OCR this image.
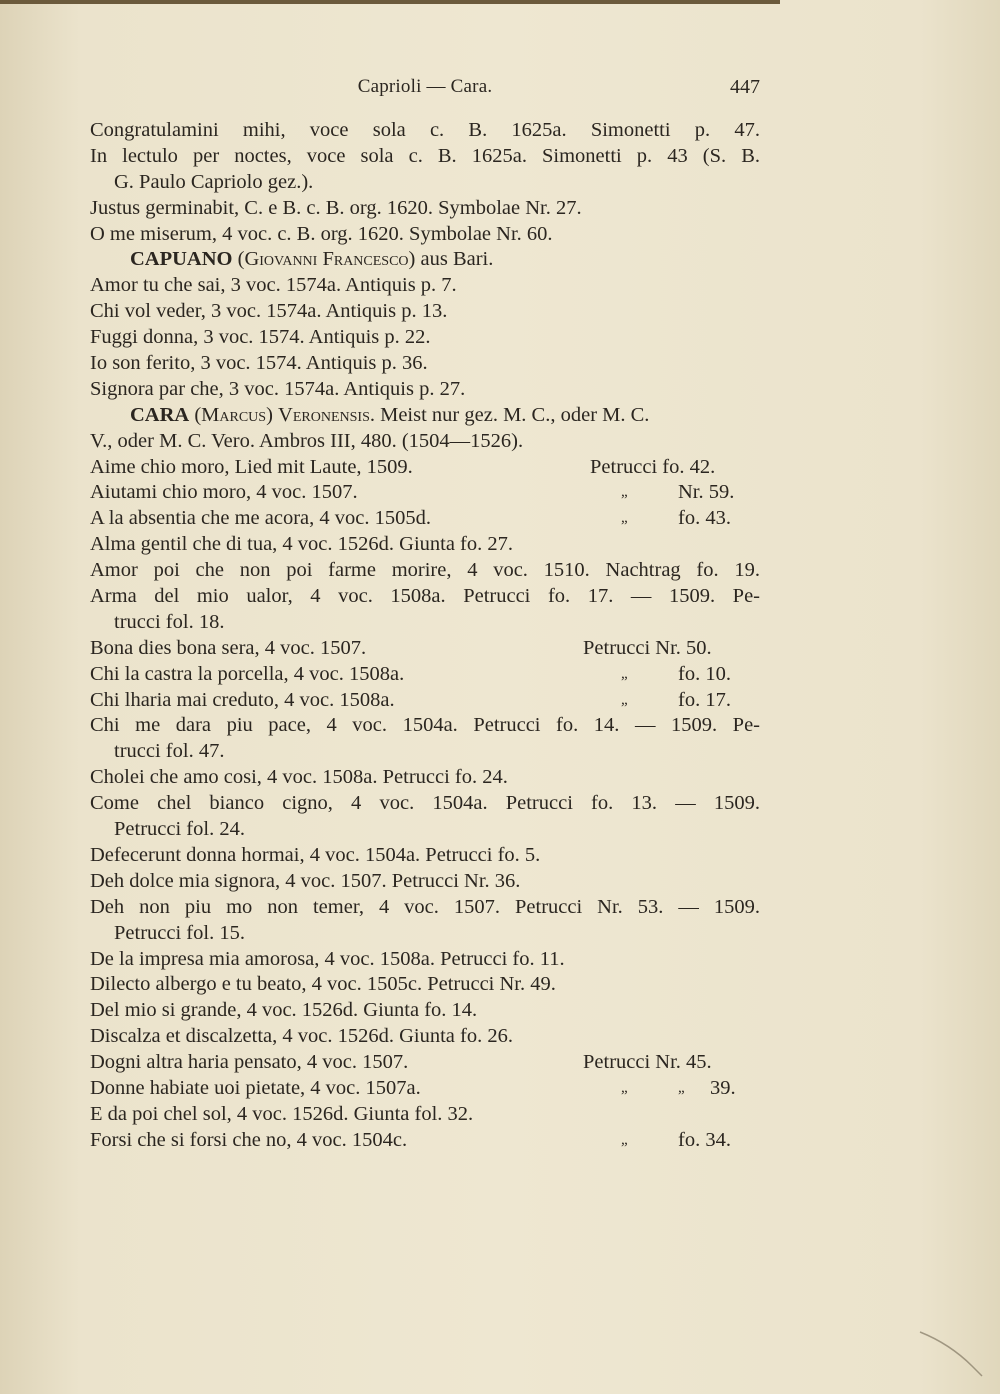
Caprioli — Cara.	447
Congratulamini mihi, voce sola c. B. 1625a. Simonetti p. 47.
In lectulo per noctes, voce sola c. B. 1625a. Simonetti p. 43 (S. B.
G. Paulo Capriolo gez.).
Justus germinabit, C. e B. c. B. org. 1620. Symbolae Nr. 27.
O me miserum, 4 voc. c. B. org. 1620. Symbolae Nr. 60.
CAPUANO (Giovanni Francesco) aus Bari.
Amor tu che sai, 3 voc. 1574a. Antiquis p. 7.
Chi vol veder, 3 voc. 1574a. Antiquis p. 13.
Fuggi donna, 3 voc. 1574. Antiquis p. 22.
Io son ferito, 3 voc. 1574. Antiquis p. 36.
Signora par che, 3 voc. 1574a. Antiquis p. 27.
CARA (Marcus) Veronensis. Meist nur gez. M. C., oder M. C.
V., oder M. C. Vero. Ambros III, 480. (1504—1526).
Aime chio moro, Lied mit Laute, 1509.	Petrucci fo. 42.
Aiutami chio moro, 4 voc. 1507.	„ Nr. 59.
A la absentia che me acora, 4 voc. 1505d.	„ fo. 43.
Alma gentil che di tua, 4 voc. 1526d. Giunta fo. 27.
Amor poi che non poi farme morire, 4 voc. 1510. Nachtrag fo. 19.
Arma del mio ualor, 4 voc. 1508a. Petrucci fo. 17. — 1509. Pe-
trucci fol. 18.
Bona dies bona sera, 4 voc. 1507.	Petrucci Nr. 50.
Chi la castra la porcella, 4 voc. 1508a.	„ fo. 10.
Chi lharia mai creduto, 4 voc. 1508a.	„ fo. 17.
Chi me dara piu pace, 4 voc. 1504a. Petrucci fo. 14. — 1509. Pe-
trucci fol. 47.
Cholei che amo cosi, 4 voc. 1508a. Petrucci fo. 24.
Come chel bianco cigno, 4 voc. 1504a. Petrucci fo. 13. — 1509.
Petrucci fol. 24.
Defecerunt donna hormai, 4 voc. 1504a. Petrucci fo. 5.
Deh dolce mia signora, 4 voc. 1507. Petrucci Nr. 36.
Deh non piu mo non temer, 4 voc. 1507. Petrucci Nr. 53. — 1509.
Petrucci fol. 15.
De la impresa mia amorosa, 4 voc. 1508a. Petrucci fo. 11.
Dilecto albergo e tu beato, 4 voc. 1505c. Petrucci Nr. 49.
Del mio si grande, 4 voc. 1526d. Giunta fo. 14.
Discalza et discalzetta, 4 voc. 1526d. Giunta fo. 26.
Dogni altra haria pensato, 4 voc. 1507.	Petrucci Nr. 45.
Donne habiate uoi pietate, 4 voc. 1507a.	„	„ 39.
E da poi chel sol, 4 voc. 1526d. Giunta fol. 32.
Forsi che si forsi che no, 4 voc. 1504c.	„ fo. 34.
